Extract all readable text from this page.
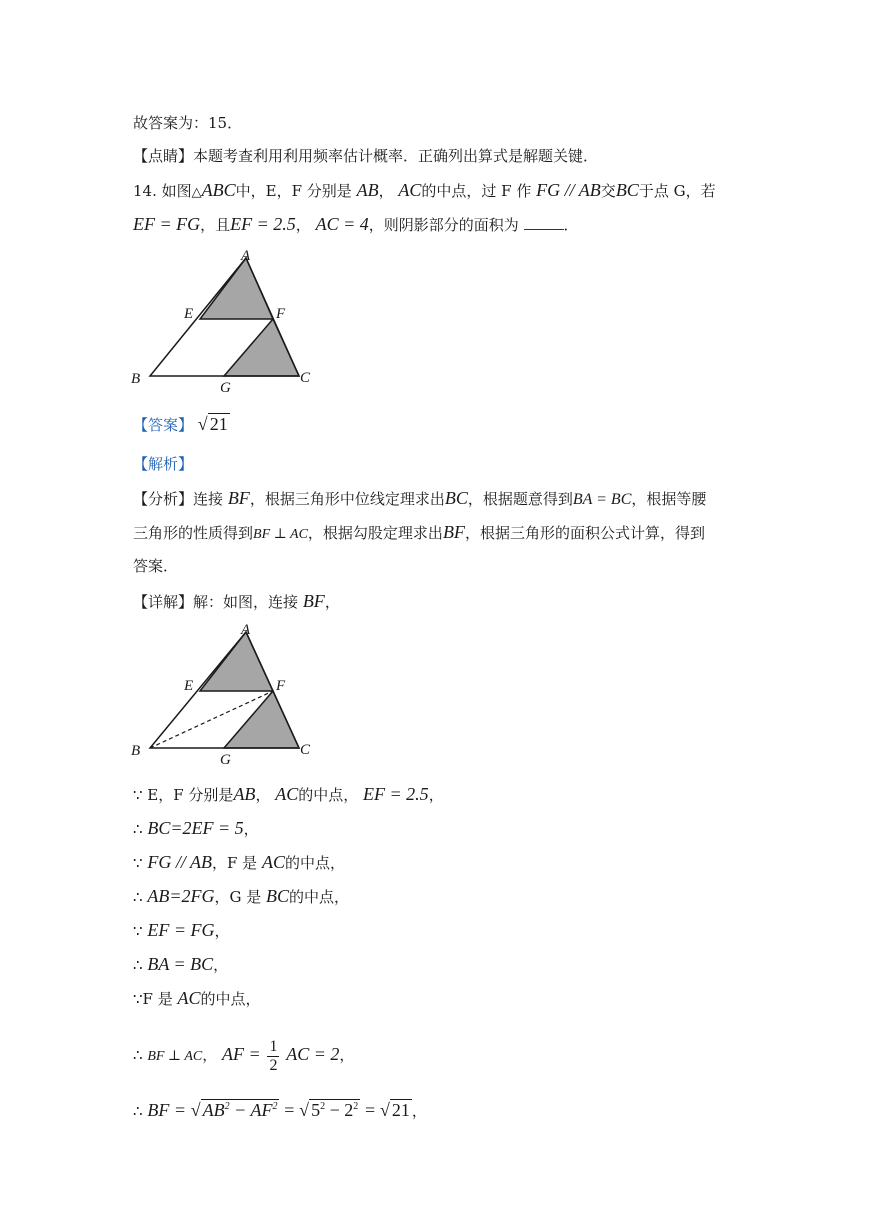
故答案为：15．
【点睛】本题考查利用利用频率估计概率．正确列出算式是解题关键．
14. 如图△ABC中，E，F 分别是 AB， AC的中点，过 F 作 FG // AB交BC于点 G，若
EF = FG，且EF = 2.5， AC = 4，则阴影部分的面积为	．
A
E	F
B
G
C
【答案】 √ 21
【解析】
【分析】连接 BF，根据三角形中位线定理求出BC，根据题意得到BA = BC，根据等腰
三角形的性质得到BF ⊥ AC，根据勾股定理求出BF，根据三角形的面积公式计算，得到
答案．
【详解】解：如图，连接 BF，
A
E	F
B
G
C
∵ E，F 分别是AB， AC的中点， EF = 2.5，
∴ BC=2EF = 5，
∵ FG // AB，F 是 AC的中点，
∴ AB=2FG，G 是 BC的中点，
∵ EF = FG，
∴ BA = BC，
∵F 是 AC的中点，
∴ BF ⊥ AC， AF = $\frac{1}{2}$ AC = 2，
∴ BF = √ $AB^2 - AF^2$ = √ $5^2 - 2^2$ = √ 21 ，
